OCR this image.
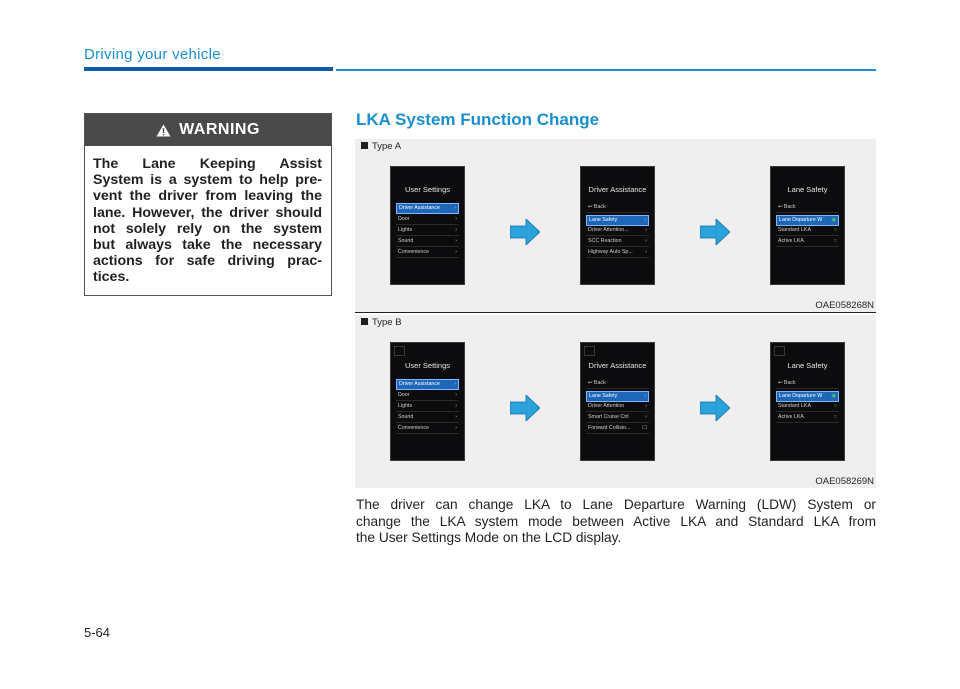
Driving your vehicle
WARNING
The Lane Keeping Assist
System is a system to help pre-
vent the driver from leaving the
lane. However, the driver should
not solely rely on the system
but always take the necessary
actions for safe driving prac-
tices.
LKA System Function Change
Type A
User Settings
Driver Assistance	›
Door	›
Lights	›
Sound	›
Convenience	›
Driver Assistance
↩ Back
Lane Safety	›
Driver Attention...	›
SCC Reaction	›
Highway Auto Sp... ›
Lane Safety
↩ Back
Lane Departure W ◉
Standard LKA	○
Active LKA	○
OAE058268N
Type B
User Settings
Driver Assistance	›
Door	›
Lights	›
Sound	›
Convenience	›
Driver Assistance
↩ Back
Lane Safety	›
Driver Attention	›
Smart Cruise Ctrl	›
Forward Collisio... ☐
Lane Safety
↩ Back
Lane Departure W ◉
Standard LKA	○
Active LKA	○
OAE058269N
The driver can change LKA to Lane Departure Warning (LDW) System or
change the LKA system mode between Active LKA and Standard LKA from
the User Settings Mode on the LCD display.
5-64
